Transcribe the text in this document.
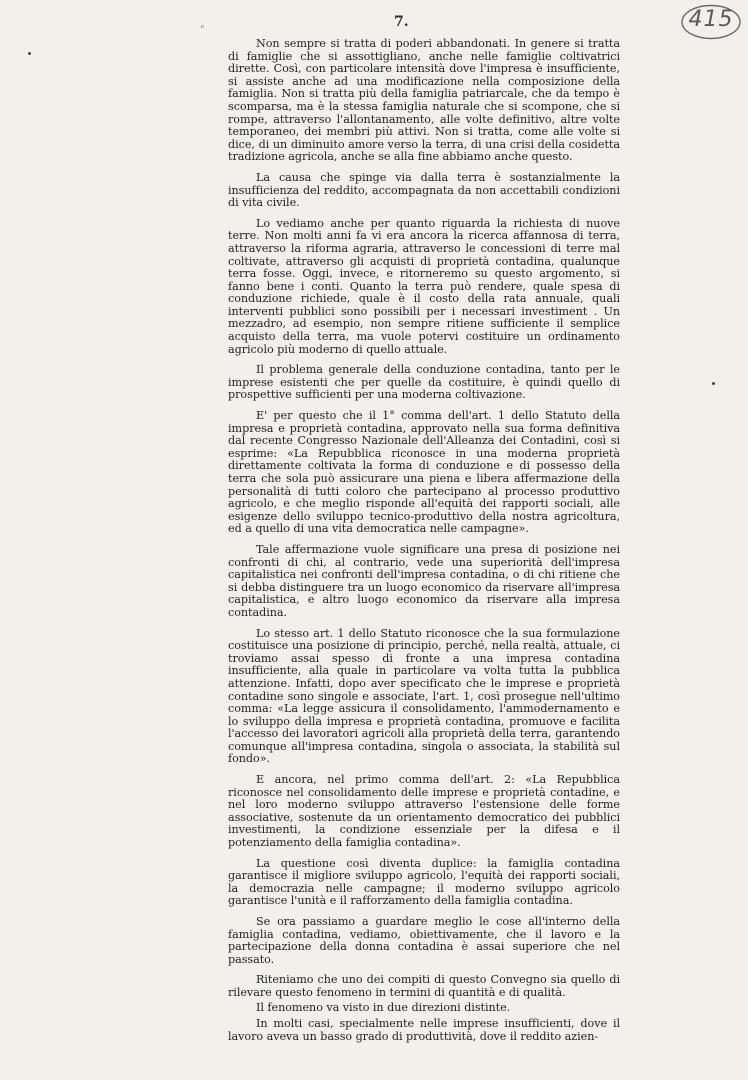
°	7.	415

Non sempre si tratta di poderi abbandonati. In genere si tratta di famiglie che si assottigliano, anche nelle famiglie coltivatrici dirette. Così, con particolare intensità dove l'impresa è insufficiente, si assiste anche ad una modificazione nella composizione della famiglia. Non si tratta più della famiglia patriarcale, che da tempo è scomparsa, ma è la stessa famiglia naturale che si scompone, che si rompe, attraverso l'allontanamento, alle volte definitivo, altre volte temporaneo, dei membri più attivi. Non si tratta, come alle volte si dice, di un diminuito amore verso la terra, di una crisi della cosidetta tradizione agricola, anche se alla fine abbiamo anche questo.

La causa che spinge via dalla terra è sostanzialmente la insufficienza del reddito, accompagnata da non accettabili condizioni di vita civile.

Lo vediamo anche per quanto riguarda la richiesta di nuove terre. Non molti anni fa vi era ancora la ricerca affannosa di terra, attraverso la riforma agraria, attraverso le concessioni di terre mal coltivate, attraverso gli acquisti di proprietà contadina, qualunque terra fosse. Oggi, invece, e ritorneremo su questo argomento, si fanno bene i conti. Quanto la terra può rendere, quale spesa di conduzione richiede, quale è il costo della rata annuale, quali interventi pubblici sono possibili per i necessari investiment . Un mezzadro, ad esempio, non sempre ritiene sufficiente il semplice acquisto della terra, ma vuole potervi costituire un ordinamento agricolo più moderno di quello attuale.

Il problema generale della conduzione contadina, tanto per le imprese esistenti che per quelle da costituire, è quindi quello di prospettive sufficienti per una moderna coltivazione.

E' per questo che il 1° comma dell'art. 1 dello Statuto della impresa e proprietà contadina, approvato nella sua forma definitiva dal recente Congresso Nazionale dell'Alleanza dei Contadini, così si esprime: «La Repubblica riconosce in una moderna proprietà direttamente coltivata la forma di conduzione e di possesso della terra che sola può assicurare una piena e libera affermazione della personalità di tutti coloro che partecipano al processo produttivo agricolo, e che meglio risponde all'equità dei rapporti sociali, alle esigenze dello sviluppo tecnico-produttivo della nostra agricoltura, ed a quello di una vita democratica nelle campagne».

Tale affermazione vuole significare una presa di posizione nei confronti di chi, al contrario, vede una superiorità dell'impresa capitalistica nei confronti dell'impresa contadina, o di chi ritiene che si debba distinguere tra un luogo economico da riservare all'impresa capitalistica, e altro luogo economico da riservare alla impresa contadina.

Lo stesso art. 1 dello Statuto riconosce che la sua formulazione costituisce una posizione di principio, perché, nella realtà, attuale, ci troviamo assai spesso di fronte a una impresa contadina insufficiente, alla quale in particolare va volta tutta la pubblica attenzione. Infatti, dopo aver specificato che le imprese e proprietà contadine sono singole e associate, l'art. 1, così prosegue nell'ultimo comma: «La legge assicura il consolidamento, l'ammodernamento e lo sviluppo della impresa e proprietà contadina, promuove e facilita l'accesso dei lavoratori agricoli alla proprietà della terra, garantendo comunque all'impresa contadina, singola o associata, la stabilità sul fondo».

E ancora, nel primo comma dell'art. 2: «La Repubblica riconosce nel consolidamento delle imprese e proprietà contadine, e nel loro moderno sviluppo attraverso l'estensione delle forme associative, sostenute da un orientamento democratico dei pubblici investimenti, la condizione essenziale per la difesa e il potenziamento della famiglia contadina».

La questione così diventa duplice: la famiglia contadina garantisce il migliore sviluppo agricolo, l'equità dei rapporti sociali, la democrazia nelle campagne; il moderno sviluppo agricolo garantisce l'unità e il rafforzamento della famiglia contadina.

Se ora passiamo a guardare meglio le cose all'interno della famiglia contadina, vediamo, obiettivamente, che il lavoro e la partecipazione della donna contadina è assai superiore che nel passato.

Riteniamo che uno dei compiti di questo Convegno sia quello di rilevare questo fenomeno in termini di quantità e di qualità.

Il fenomeno va visto in due direzioni distinte.

In molti casi, specialmente nelle imprese insufficienti, dove il lavoro aveva un basso grado di produttività, dove il reddito azien-
